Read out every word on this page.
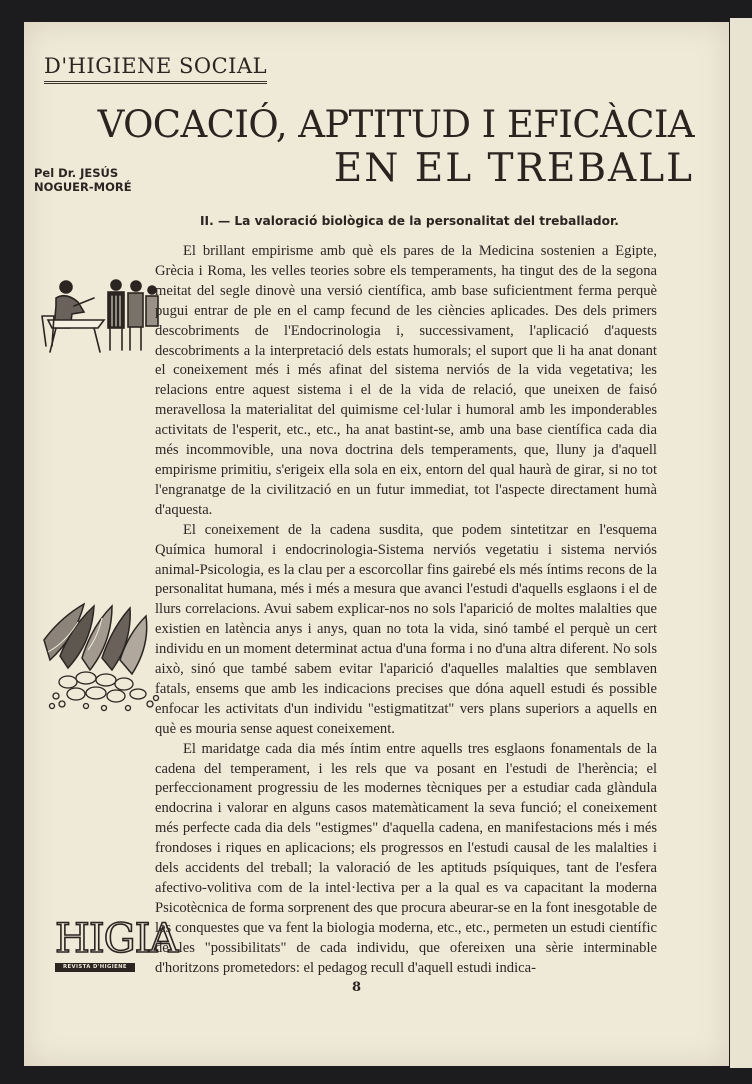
D'HIGIENE SOCIAL
VOCACIÓ, APTITUD I EFICÀCIA
EN EL TREBALL
Pel Dr. JESÚS
NOGUER-MORÉ
II. — La valoració biològica de la personalitat del treballador.
HIGIA
REVISTA D'HIGIENE

El brillant empirisme amb què els pares de la Medicina sostenien a Egipte, Grècia i Roma, les velles teories sobre els temperaments, ha tingut des de la segona meitat del segle dinovè una versió científica, amb base suficientment ferma perquè pugui entrar de ple en el camp fecund de les ciències aplicades. Des dels primers descobriments de l'Endocrinologia i, successivament, l'aplicació d'aquests descobriments a la interpretació dels estats humorals; el suport que li ha anat donant el coneixement més i més afinat del sistema nerviós de la vida vegetativa; les relacions entre aquest sistema i el de la vida de relació, que uneixen de faisó meravellosa la materialitat del quimisme cel·lular i humoral amb les imponderables activitats de l'esperit, etc., etc., ha anat bastint-se, amb una base científica cada dia més incommovible, una nova doctrina dels temperaments, que, lluny ja d'aquell empirisme primitiu, s'erigeix ella sola en eix, entorn del qual haurà de girar, si no tot l'engranatge de la civilització en un futur immediat, tot l'aspecte directament humà d'aquesta.

El coneixement de la cadena susdita, que podem sintetitzar en l'esquema Química humoral i endocrinologia-Sistema nerviós vegetatiu i sistema nerviós animal-Psicologia, es la clau per a escorcollar fins gairebé els més íntims recons de la personalitat humana, més i més a mesura que avanci l'estudi d'aquells esglaons i el de llurs correlacions. Avui sabem explicar-nos no sols l'aparició de moltes malalties que existien en latència anys i anys, quan no tota la vida, sinó també el perquè un cert individu en un moment determinat actua d'una forma i no d'una altra diferent. No sols això, sinó que també sabem evitar l'aparició d'aquelles malalties que semblaven fatals, ensems que amb les indicacions precises que dóna aquell estudi és possible enfocar les activitats d'un individu "estigmatitzat" vers plans superiors a aquells en què es mouria sense aquest coneixement.

El maridatge cada dia més íntim entre aquells tres esglaons fonamentals de la cadena del temperament, i les rels que va posant en l'estudi de l'herència; el perfeccionament progressiu de les modernes tècniques per a estudiar cada glàndula endocrina i valorar en alguns casos matemàticament la seva funció; el coneixement més perfecte cada dia dels "estigmes" d'aquella cadena, en manifestacions més i més frondoses i riques en aplicacions; els progressos en l'estudi causal de les malalties i dels accidents del treball; la valoració de les aptituds psíquiques, tant de l'esfera afectivo-volitiva com de la intel·lectiva per a la qual es va capacitant la moderna Psicotècnica de forma sorprenent des que procura abeurar-se en la font inesgotable de les conquestes que va fent la biologia moderna, etc., etc., permeten un estudi científic de les "possibilitats" de cada individu, que ofereixen una sèrie interminable d'horitzons prometedors: el pedagog recull d'aquell estudi indica-

8
